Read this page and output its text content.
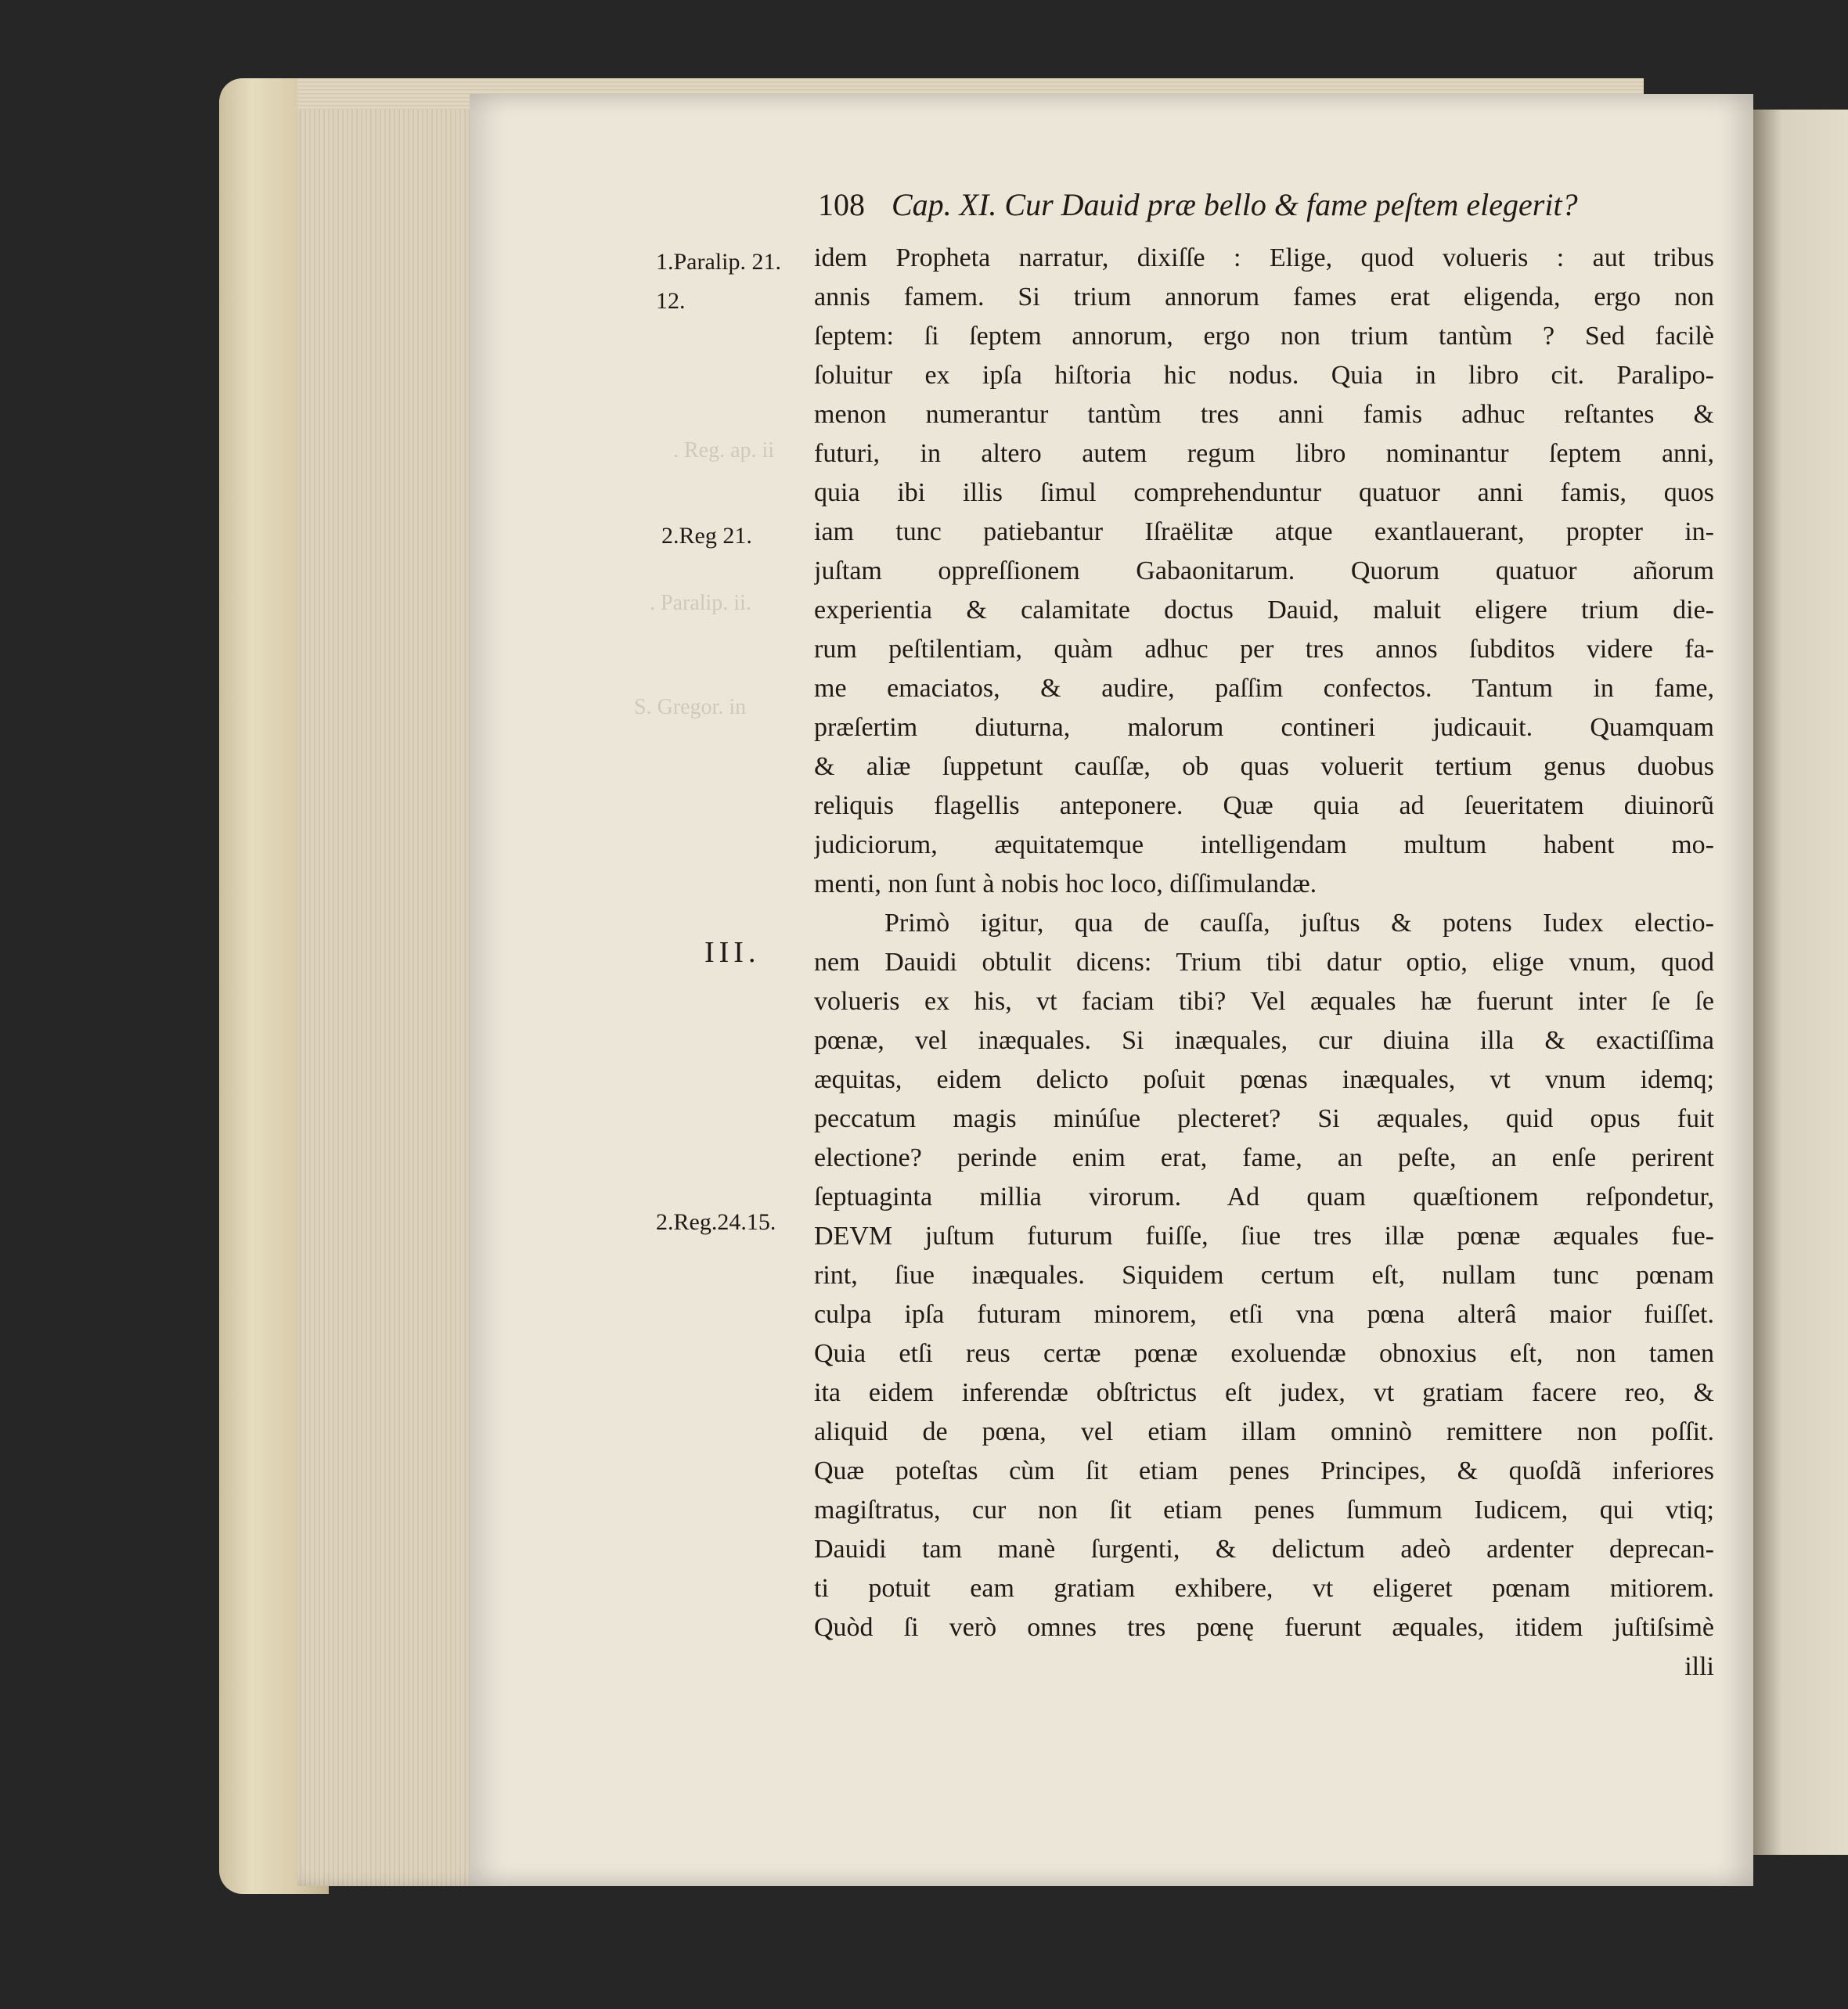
. Reg. ap. ii
. Paralip. ii.
S. Gregor. in
108 Cap. XI. Cur Dauid præ bello & fame peſtem elegerit?
1.Paralip. 21.
12.
2.Reg 21.
III.
2.Reg.24.15.
idem Propheta narratur, dixiſſe : Elige, quod volueris : aut tribus
annis famem. Si trium annorum fames erat eligenda, ergo non
ſeptem: ſi ſeptem annorum, ergo non trium tantùm ? Sed facilè
ſoluitur ex ipſa hiſtoria hic nodus. Quia in libro cit. Paralipo-
menon numerantur tantùm tres anni famis adhuc reſtantes &
futuri, in altero autem regum libro nominantur ſeptem anni,
quia ibi illis ſimul comprehenduntur quatuor anni famis, quos
iam tunc patiebantur Iſraëlitæ atque exantlauerant, propter in-
juſtam oppreſſionem Gabaonitarum. Quorum quatuor añorum
experientia & calamitate doctus Dauid, maluit eligere trium die-
rum peſtilentiam, quàm adhuc per tres annos ſubditos videre fa-
me emaciatos, & audire, paſſim confectos. Tantum in fame,
præſertim diuturna, malorum contineri judicauit. Quamquam
& aliæ ſuppetunt cauſſæ, ob quas voluerit tertium genus duobus
reliquis flagellis anteponere. Quæ quia ad ſeueritatem diuinorũ
judiciorum, æquitatemque intelligendam multum habent mo-
menti, non ſunt à nobis hoc loco, diſſimulandæ.
Primò igitur, qua de cauſſa, juſtus & potens Iudex electio-
nem Dauidi obtulit dicens: Trium tibi datur optio, elige vnum, quod
volueris ex his, vt faciam tibi? Vel æquales hæ fuerunt inter ſe ſe
pœnæ, vel inæquales. Si inæquales, cur diuina illa & exactiſſima
æquitas, eidem delicto poſuit pœnas inæquales, vt vnum idemq;
peccatum magis minúſue plecteret? Si æquales, quid opus fuit
electione? perinde enim erat, fame, an peſte, an enſe perirent
ſeptuaginta millia virorum. Ad quam quæſtionem reſpondetur,
DEVM juſtum futurum fuiſſe, ſiue tres illæ pœnæ æquales fue-
rint, ſiue inæquales. Siquidem certum eſt, nullam tunc pœnam
culpa ipſa futuram minorem, etſi vna pœna alterâ maior fuiſſet.
Quia etſi reus certæ pœnæ exoluendæ obnoxius eſt, non tamen
ita eidem inferendæ obſtrictus eſt judex, vt gratiam facere reo, &
aliquid de pœna, vel etiam illam omninò remittere non poſſit.
Quæ poteſtas cùm ſit etiam penes Principes, & quoſdã inferiores
magiſtratus, cur non ſit etiam penes ſummum Iudicem, qui vtiq;
Dauidi tam manè ſurgenti, & delictum adeò ardenter deprecan-
ti potuit eam gratiam exhibere, vt eligeret pœnam mitiorem.
Quòd ſi verò omnes tres pœnę fuerunt æquales, itidem juſtiſsimè
illi
